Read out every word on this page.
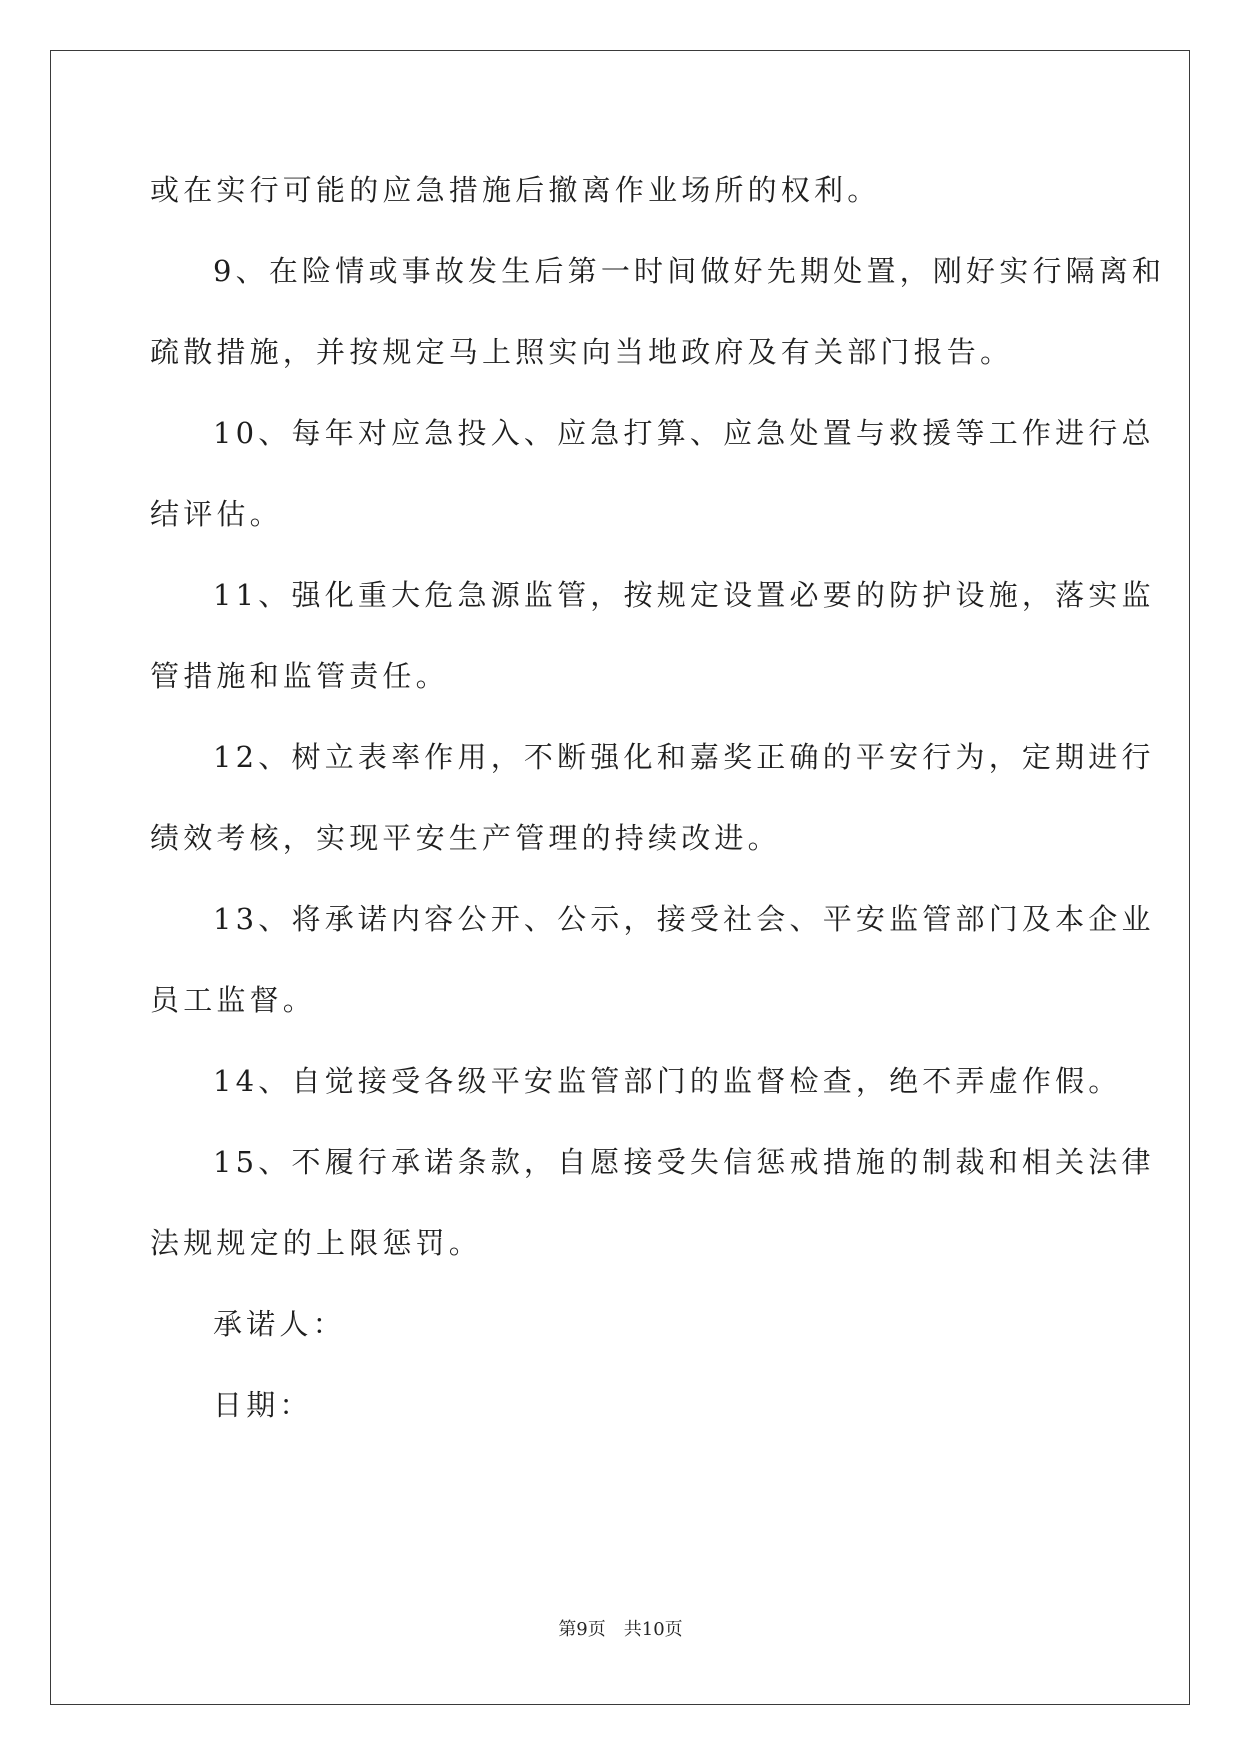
或在实行可能的应急措施后撤离作业场所的权利。
9、在险情或事故发生后第一时间做好先期处置，刚好实行隔离和
疏散措施，并按规定马上照实向当地政府及有关部门报告。
10、每年对应急投入、应急打算、应急处置与救援等工作进行总
结评估。
11、强化重大危急源监管，按规定设置必要的防护设施，落实监
管措施和监管责任。
12、树立表率作用，不断强化和嘉奖正确的平安行为，定期进行
绩效考核，实现平安生产管理的持续改进。
13、将承诺内容公开、公示，接受社会、平安监管部门及本企业
员工监督。
14、自觉接受各级平安监管部门的监督检查，绝不弄虚作假。
15、不履行承诺条款，自愿接受失信惩戒措施的制裁和相关法律
法规规定的上限惩罚。
承诺人：
日期：
第9页 共10页
